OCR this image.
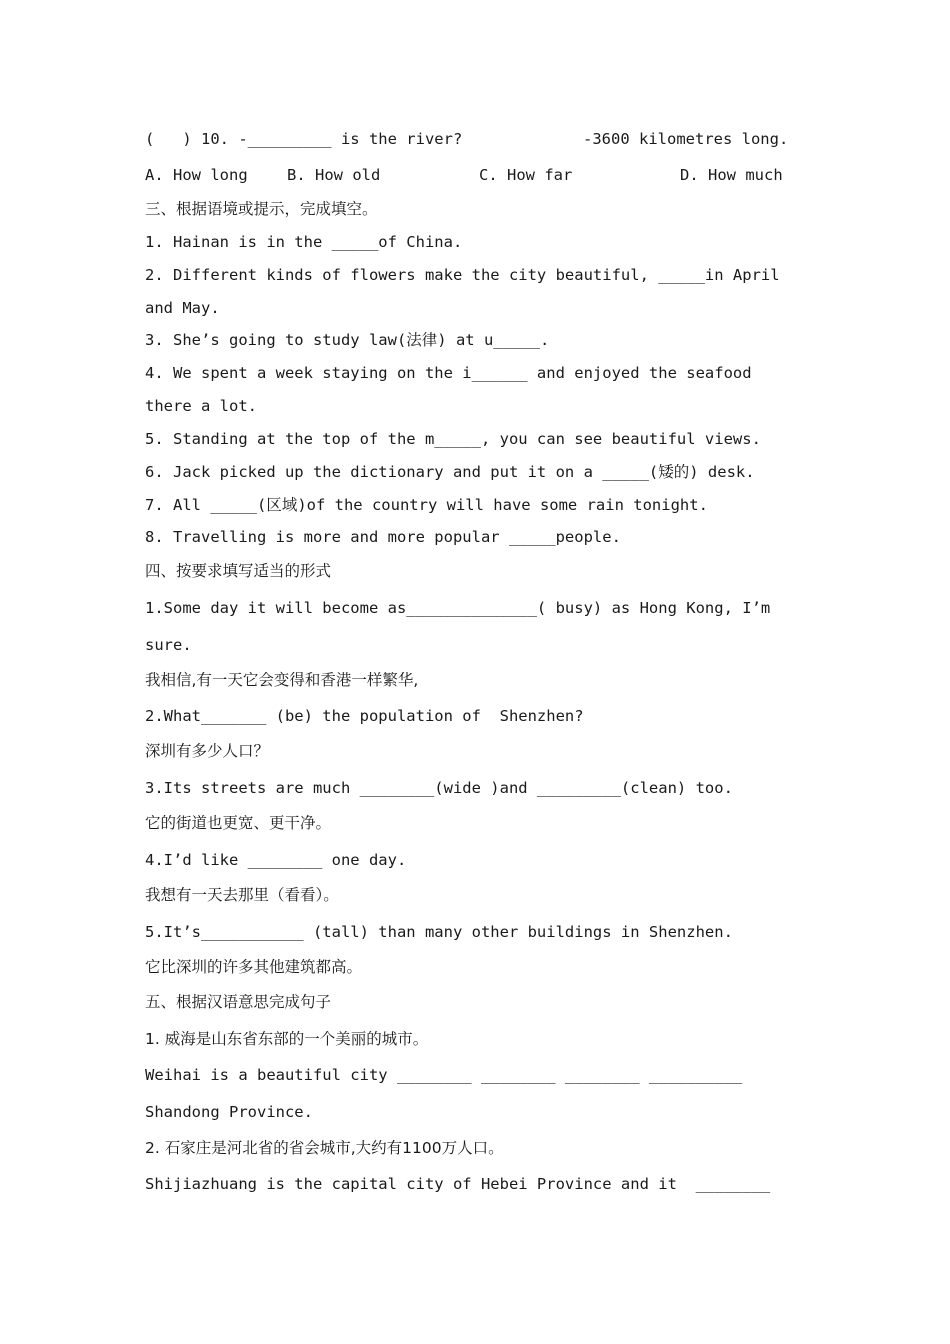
(   ) 10. -_________ is the river?	-3600 kilometres long.
A. How long	B. How old	C. How far	D. How much
三、根据语境或提示，完成填空。
1. Hainan is in the _____of China.
2. Different kinds of flowers make the city beautiful, _____in April
and May.
3. She’s going to study law(法律) at u_____.
4. We spent a week staying on the i______ and enjoyed the seafood
there a lot.
5. Standing at the top of the m_____, you can see beautiful views.
6. Jack picked up the dictionary and put it on a _____(矮的) desk.
7. All _____(区域)of the country will have some rain tonight.
8. Travelling is more and more popular _____people.
四、按要求填写适当的形式
1.Some day it will become as______________( busy) as Hong Kong, I’m
sure.
我相信,有一天它会变得和香港一样繁华,
2.What_______ (be) the population of  Shenzhen?
深圳有多少人口？
3.Its streets are much ________(wide )and _________(clean) too.
它的街道也更宽、更干净。
4.I’d like ________ one day.
我想有一天去那里（看看）。
5.It’s___________ (tall) than many other buildings in Shenzhen.
它比深圳的许多其他建筑都高。
五、根据汉语意思完成句子
1. 威海是山东省东部的一个美丽的城市。
Weihai is a beautiful city ________ ________ ________ __________
Shandong Province.
2. 石家庄是河北省的省会城市,大约有1100万人口。
Shijiazhuang is the capital city of Hebei Province and it  ________
